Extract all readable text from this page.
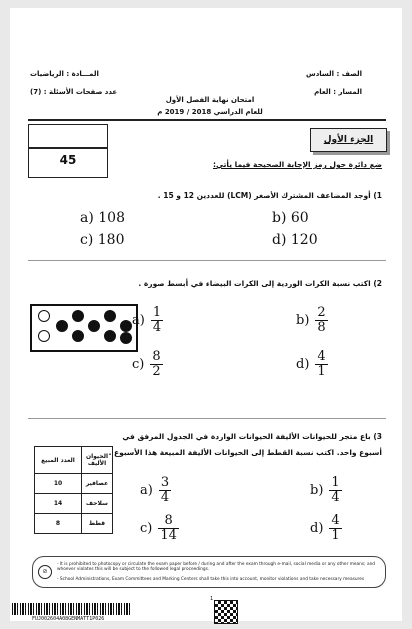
الصف : السادس
المسار : العام
المـــادة : الرياضيات
عدد صفحات الأسئلة : (7)
امتحان نهاية الفصل الأول
للعام الدراسي 2018 / 2019 م
45
الجزء الأول
ضع دائرة حول رمز الإجابة الصحيحة فيما يأتي:
1) أوجد المضاعف المشترك الأصغر (LCM) للعددين 12 و 15 .
a) 108	b) 60
c) 180	d) 120
2) اكتب نسبة الكرات الوردية إلى الكرات البيضاء في أبسط صورة .
$a) \frac{1}{4}$	$b) \frac{2}{8}$
$c) \frac{8}{2}$	$d) \frac{4}{1}$
3) باع متجر للحيوانات الأليفة الحيوانات الواردة في الجدول المرفق في
أسبوع واحد. اكتب نسبة القطط إلى الحيوانات الأليفة المبيعة هذا الأسبوع .
الحيوان الأليف	العدد المبيع
عصافير	10
سلاحف	14
قطط	8
$a) \frac{3}{4}$	$b) \frac{1}{4}$
$c) \frac{8}{14}$	$d) \frac{4}{1}$
⊘
- It is prohibited to photocopy or circulate the exam paper before / during and after the exam through e-mail, social media or any other means; and whoever violates this will be subject to the followed legal proceedings.
- School Administrations, Exam Committees and Marking Centers shall take this into account, monitor violations and take necessary measures
1
FUJ002604A08GENMATT1P026
